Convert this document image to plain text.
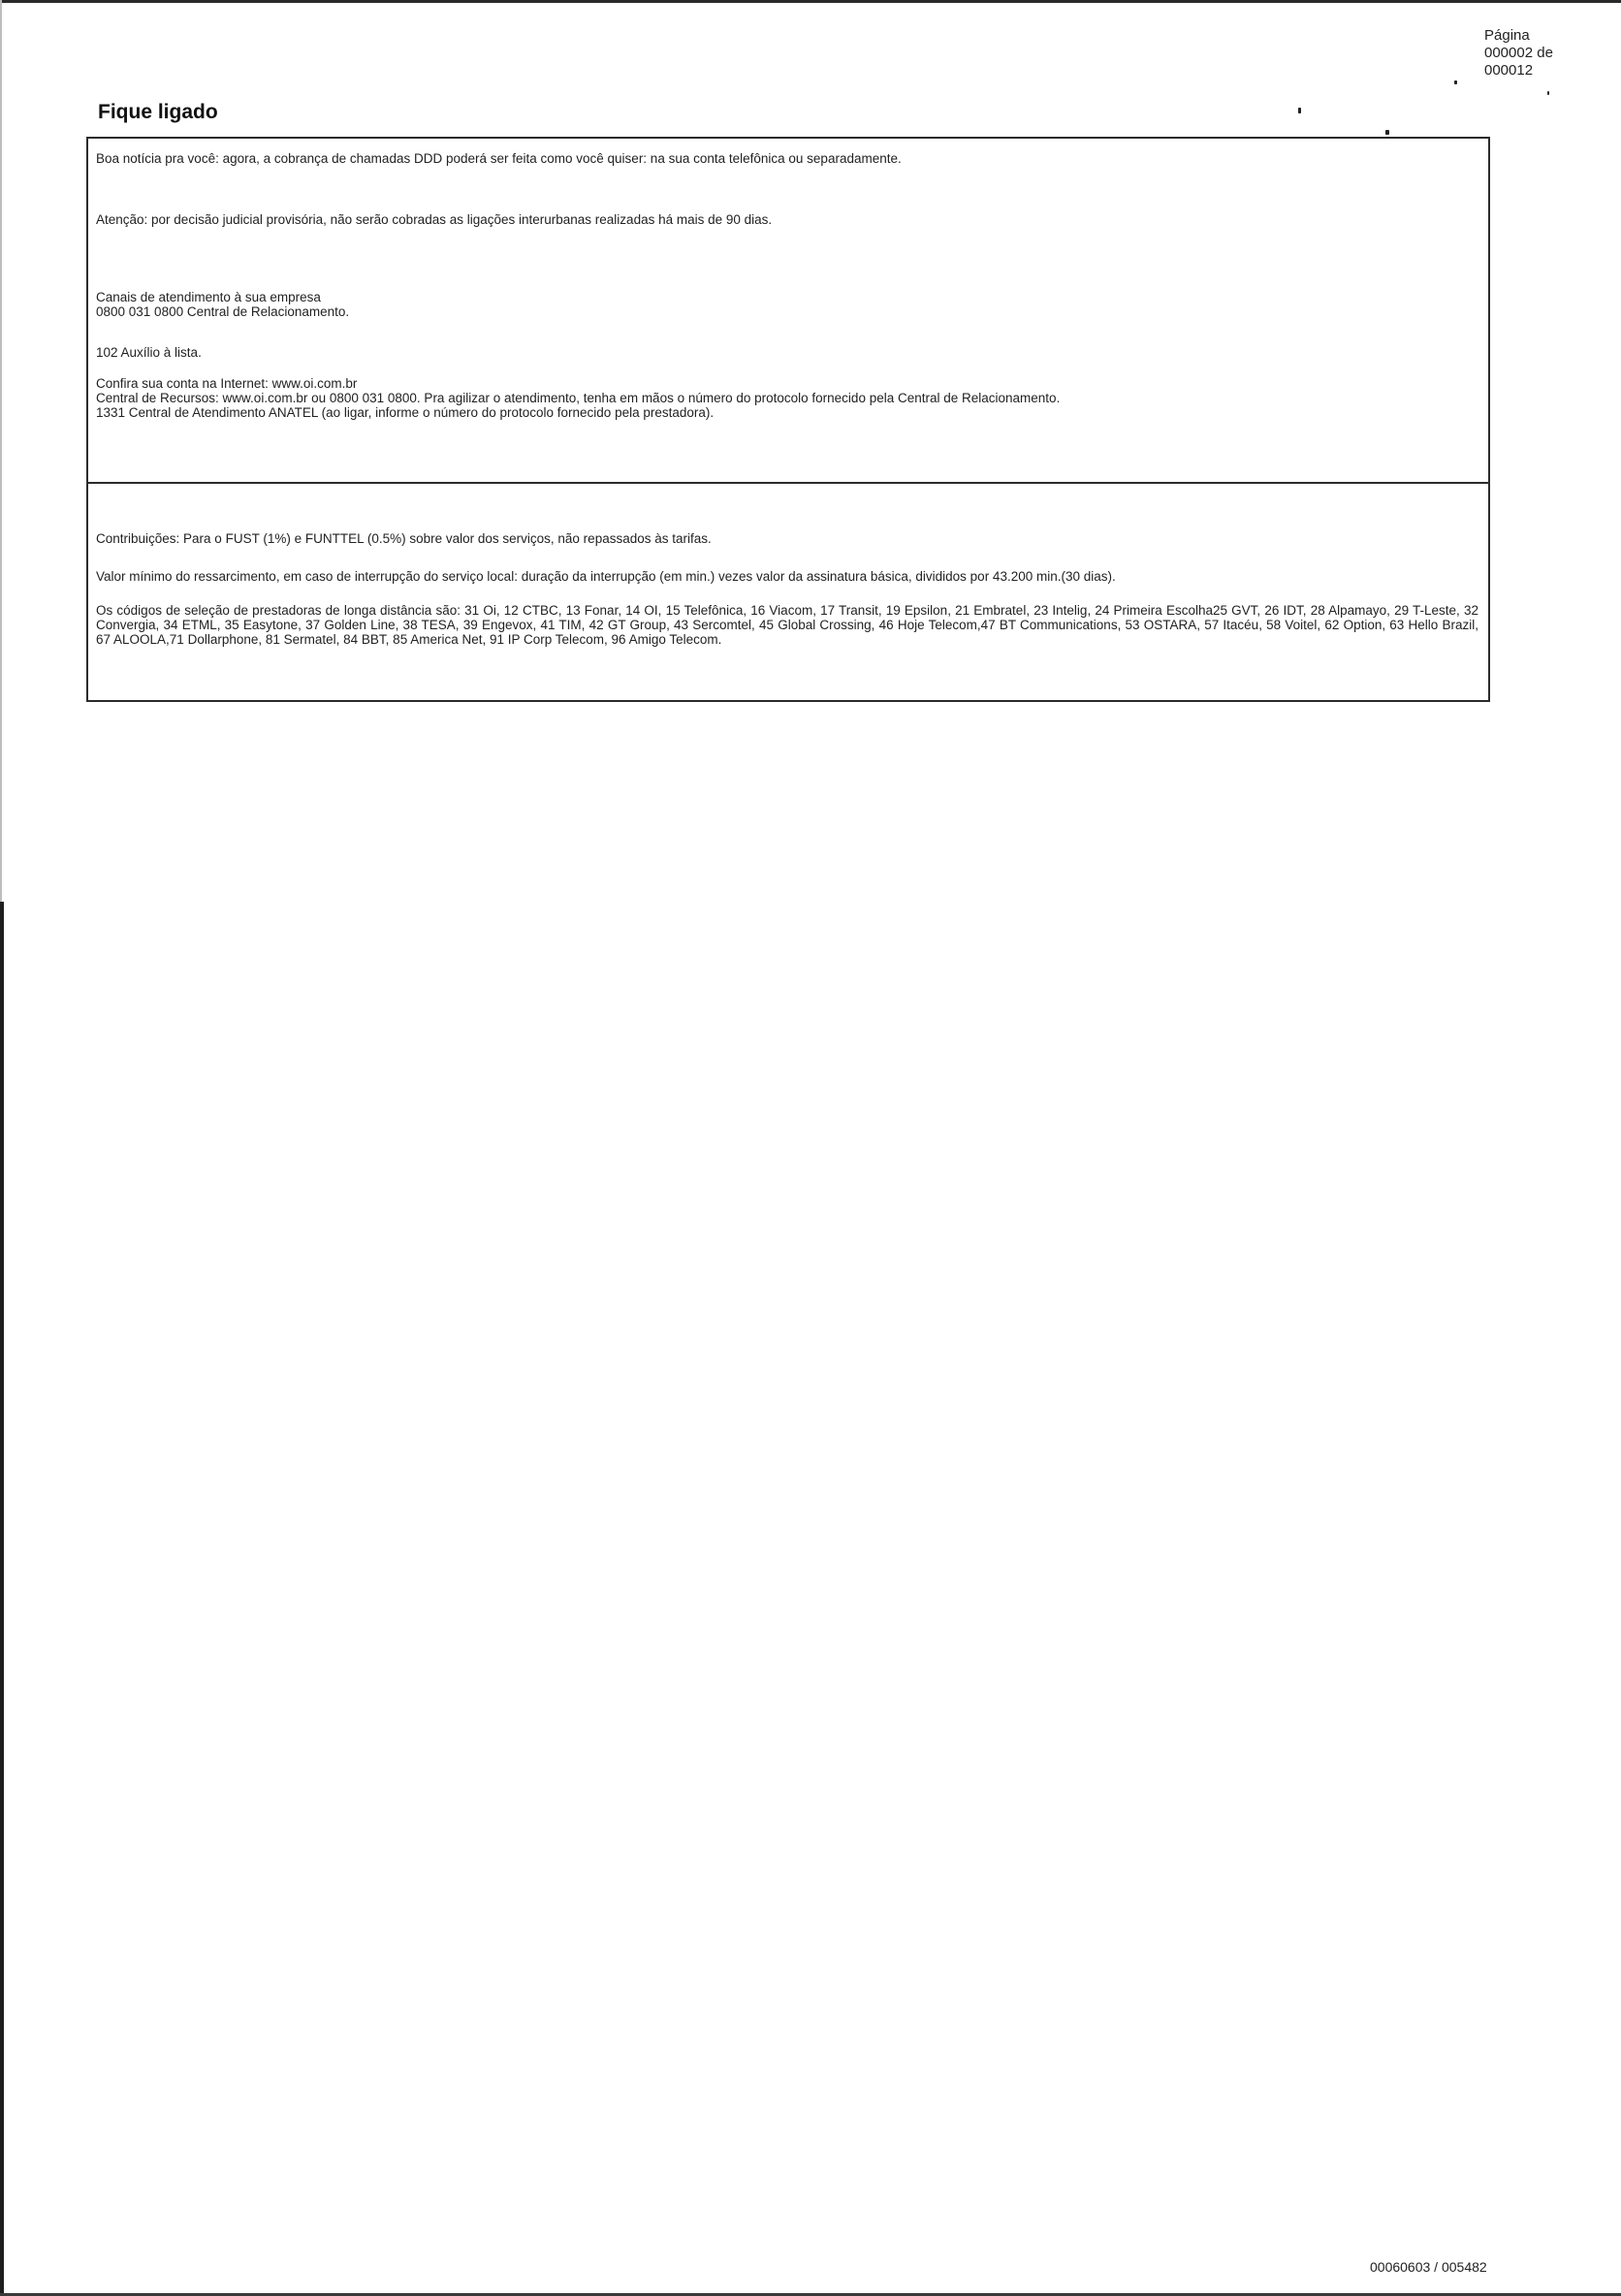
Página
000002 de
000012
Fique ligado

Boa notícia pra você: agora, a cobrança de chamadas DDD poderá ser feita como você quiser: na sua conta telefônica ou separadamente.

Atenção: por decisão judicial provisória, não serão cobradas as ligações interurbanas realizadas há mais de 90 dias.

Canais de atendimento à sua empresa
0800 031 0800 Central de Relacionamento.

102 Auxílio à lista.

Confira sua conta na Internet: www.oi.com.br
Central de Recursos: www.oi.com.br ou 0800 031 0800. Pra agilizar o atendimento, tenha em mãos o número do protocolo fornecido pela Central de Relacionamento.
1331 Central de Atendimento ANATEL (ao ligar, informe o número do protocolo fornecido pela prestadora).

Contribuições: Para o FUST (1%) e FUNTTEL (0.5%) sobre valor dos serviços, não repassados às tarifas.

Valor mínimo do ressarcimento, em caso de interrupção do serviço local: duração da interrupção (em min.) vezes valor da assinatura básica, divididos por 43.200 min.(30 dias).

Os códigos de seleção de prestadoras de longa distância são: 31 Oi, 12 CTBC, 13 Fonar, 14 OI, 15 Telefônica, 16 Viacom, 17 Transit, 19 Epsilon, 21 Embratel, 23 Intelig, 24 Primeira Escolha25 GVT, 26 IDT, 28 Alpamayo, 29 T-Leste, 32 Convergia, 34 ETML, 35 Easytone, 37 Golden Line, 38 TESA, 39 Engevox, 41 TIM, 42 GT Group, 43 Sercomtel, 45 Global Crossing, 46 Hoje Telecom,47 BT Communications, 53 OSTARA, 57 Itacéu, 58 Voitel, 62 Option, 63 Hello Brazil, 67 ALOOLA,71 Dollarphone, 81 Sermatel, 84 BBT, 85 America Net, 91 IP Corp Telecom, 96 Amigo Telecom.

00060603 / 005482
